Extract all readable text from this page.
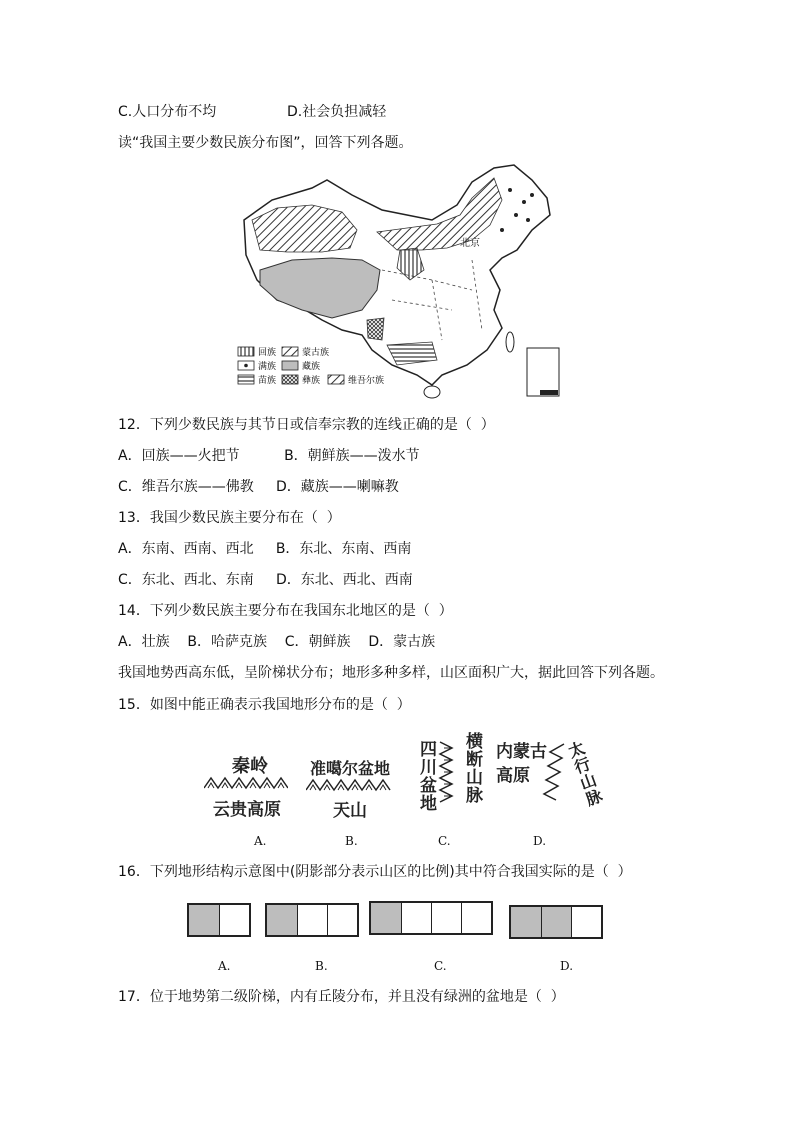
C.人口分布不均	D.社会负担减轻
读“我国主要少数民族分布图”，回答下列各题。
北京
回族	蒙古族
满族	藏族
苗族	彝族	维吾尔族
12．下列少数民族与其节日或信奉宗教的连线正确的是（  ）
A．回族——火把节          B．朝鲜族——泼水节
C．维吾尔族——佛教     D．藏族——喇嘛教
13．我国少数民族主要分布在（  ）
A．东南、西南、西北     B．东北、东南、西南
C．东北、西北、东南     D．东北、西北、西南
14．下列少数民族主要分布在我国东北地区的是（  ）
A．壮族    B．哈萨克族    C．朝鲜族    D．蒙古族
我国地势西高东低，呈阶梯状分布；地形多种多样，山区面积广大，据此回答下列各题。
15．如图中能正确表示我国地形分布的是（  ）
秦岭
云贵高原
A.
准噶尔盆地
天山
B.
四川盆地 横断山脉
C.
内蒙古高原	太行山脉
D.
16．下列地形结构示意图中(阴影部分表示山区的比例)其中符合我国实际的是（  ）
A.	B.	C.	D.
17．位于地势第二级阶梯，内有丘陵分布，并且没有绿洲的盆地是（  ）
